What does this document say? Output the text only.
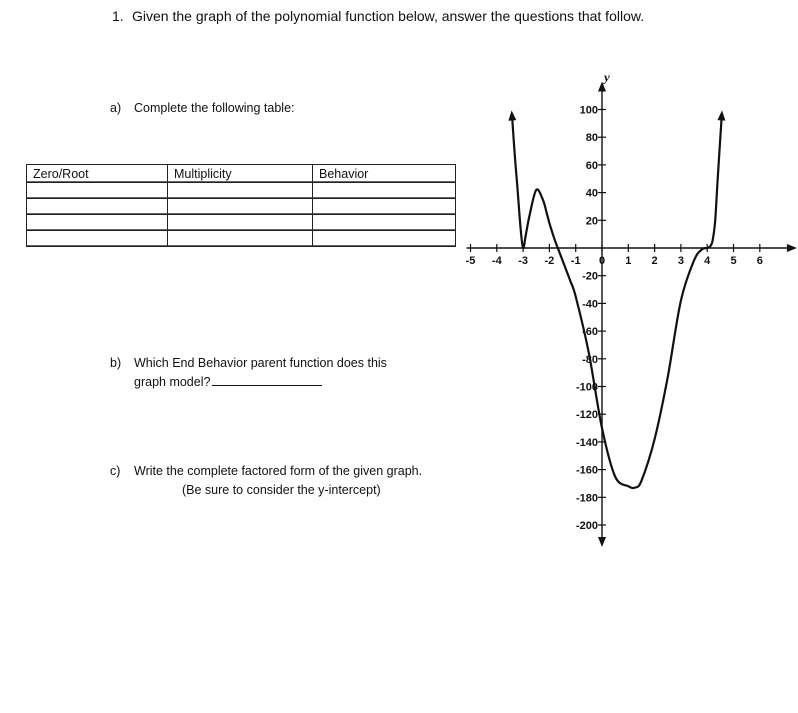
1. Given the graph of the polynomial function below, answer the questions that follow.
a) Complete the following table:
Zero/Root	Multiplicity	Behavior

b) Which End Behavior parent function does this
graph model?
c) Write the complete factored form of the given graph.
(Be sure to consider the y-intercept)
y
-5 -4 -3 -2 -1 0 1 2 3 4 5 6
20
40
60
80
100
-20
-40
-60
-80
-100
-120
-140
-160
-180
-200
